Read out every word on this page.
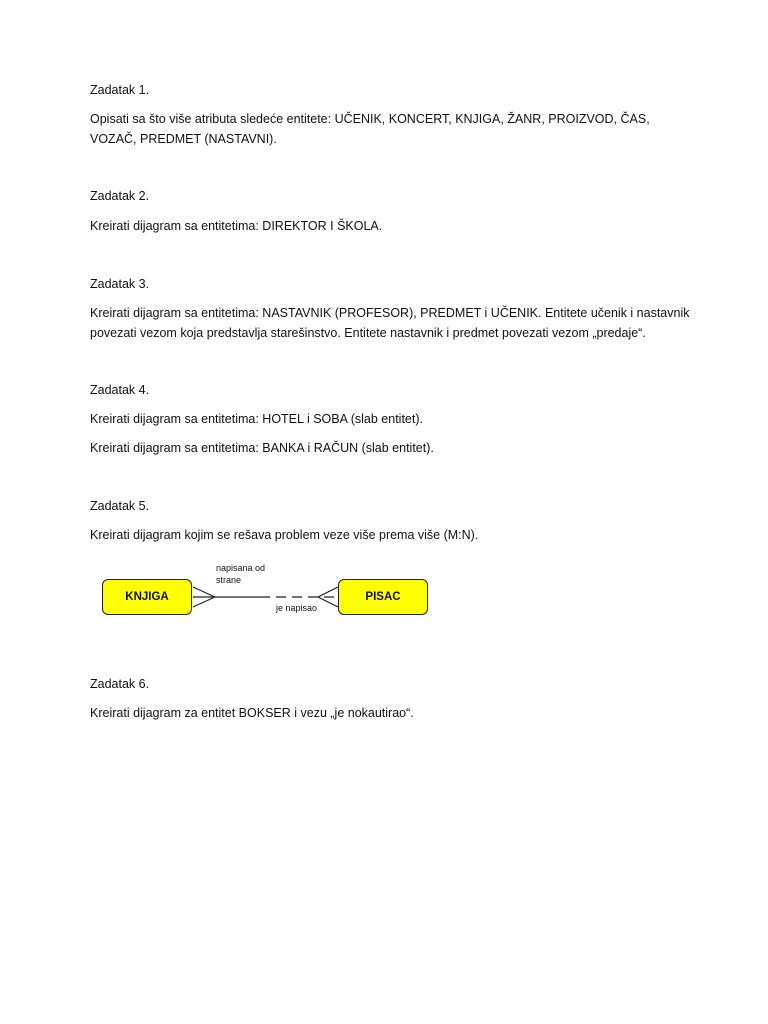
Zadatak 1.

Opisati sa što više atributa sledeće entitete: UČENIK, KONCERT, KNJIGA, ŽANR, PROIZVOD, ČAS, VOZAČ, PREDMET (NASTAVNI).

Zadatak 2.

Kreirati dijagram sa entitetima: DIREKTOR I ŠKOLA.

Zadatak 3.

Kreirati dijagram sa entitetima: NASTAVNIK (PROFESOR), PREDMET i UČENIK. Entitete učenik i nastavnik povezati vezom koja predstavlja starešinstvo. Entitete nastavnik i predmet povezati vezom „predaje“.

Zadatak 4.

Kreirati dijagram sa entitetima: HOTEL i SOBA (slab entitet).

Kreirati dijagram sa entitetima: BANKA i RAČUN (slab entitet).

Zadatak 5.

Kreirati dijagram kojim se rešava problem veze više prema više (M:N).

KNJIGA	PISAC
napisana od
strane
je napisao

Zadatak 6.

Kreirati dijagram za entitet BOKSER i vezu „je nokautirao“.
